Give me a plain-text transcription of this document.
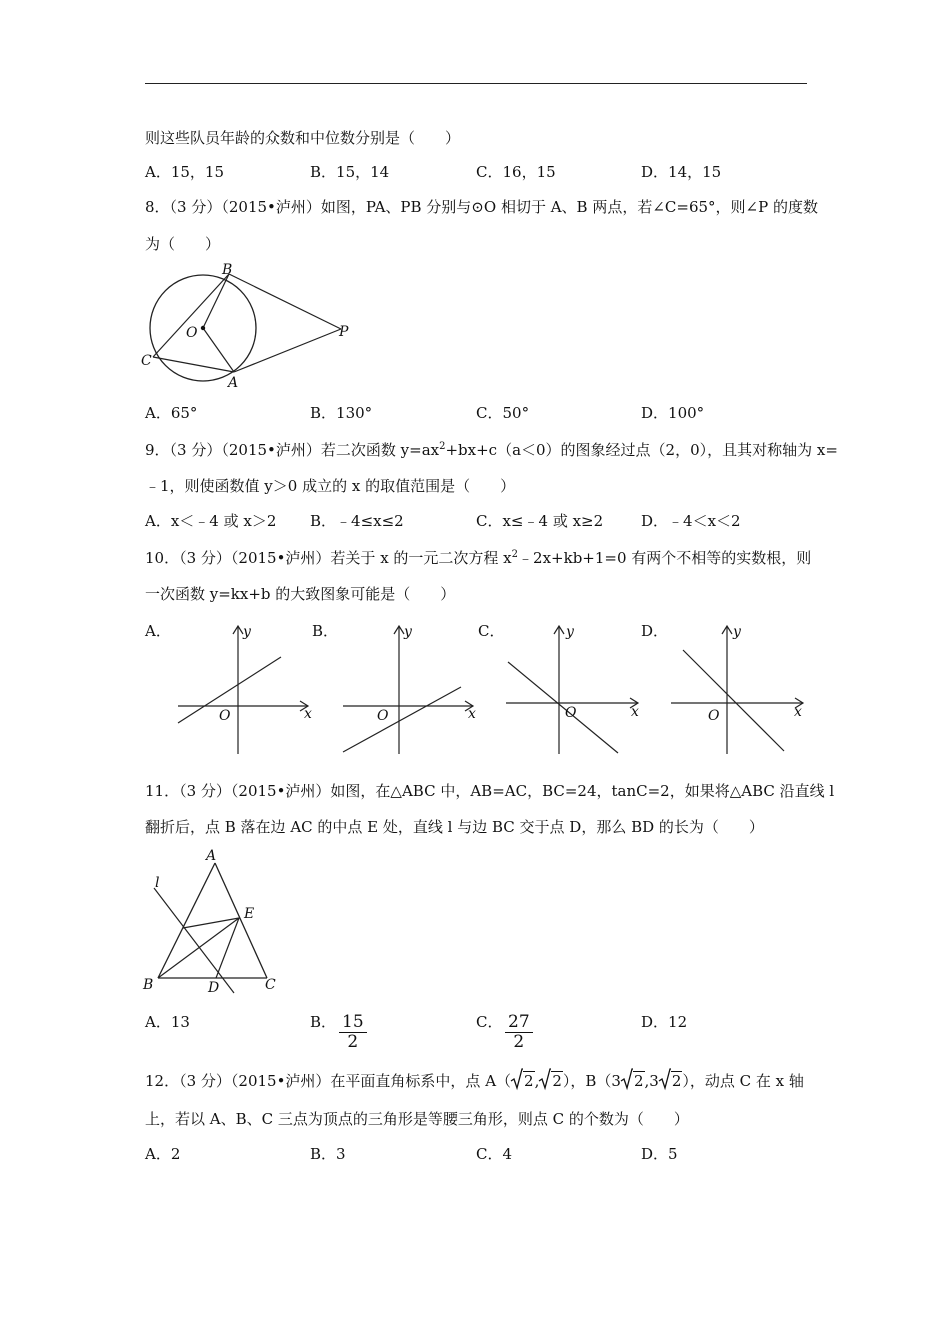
则这些队员年龄的众数和中位数分别是（　　）
A．15，15	B．15，14	C．16，15	D．14，15
8．（3 分）（2015•泸州）如图，PA、PB 分别与⊙O 相切于 A、B 两点，若∠C=65°，则∠P 的度数
为（　　）
B
O
C
A
P
A．65°	B．130°	C．50°	D．100°
9．（3 分）（2015•泸州）若二次函数 $y=ax^2+bx+c(a<0)$的图象经过点（2，0），且其对称轴为 x=
﹣1，则使函数值 y＞0 成立的 x 的取值范围是（　　）
A．x＜﹣4 或 x＞2 B．﹣4≤x≤2	C．x≤﹣4 或 x≥2	D．﹣4＜x＜2
10．（3 分）（2015•泸州）若关于 x 的一元二次方程 $x^2﹣2x+kb+1=0$ 有两个不相等的实数根，则
一次函数 y=kx+b 的大致图象可能是（　　）
A．	B．	C．	D．
y
x
O
y
x
O
y
x
O
y
x
O
11．（3 分）（2015•泸州）如图，在△ABC 中，AB=AC，BC=24，tanC=2，如果将△ABC 沿直线 l
翻折后，点 B 落在边 AC 的中点 E 处，直线 l 与边 BC 交于点 D，那么 BD 的长为（　　）
A
l
E
B	D	C
A．13	B． $\frac{15}{2}$	C． $\frac{27}{2}$	D．12
12．（3 分）（2015•泸州）在平面直角标系中，点 A（ 2, 2），B（3 2,3 2），动点 C 在 x 轴
上，若以 A、B、C 三点为顶点的三角形是等腰三角形，则点 C 的个数为（　　）
A．2	B．3	C．4	D．5
